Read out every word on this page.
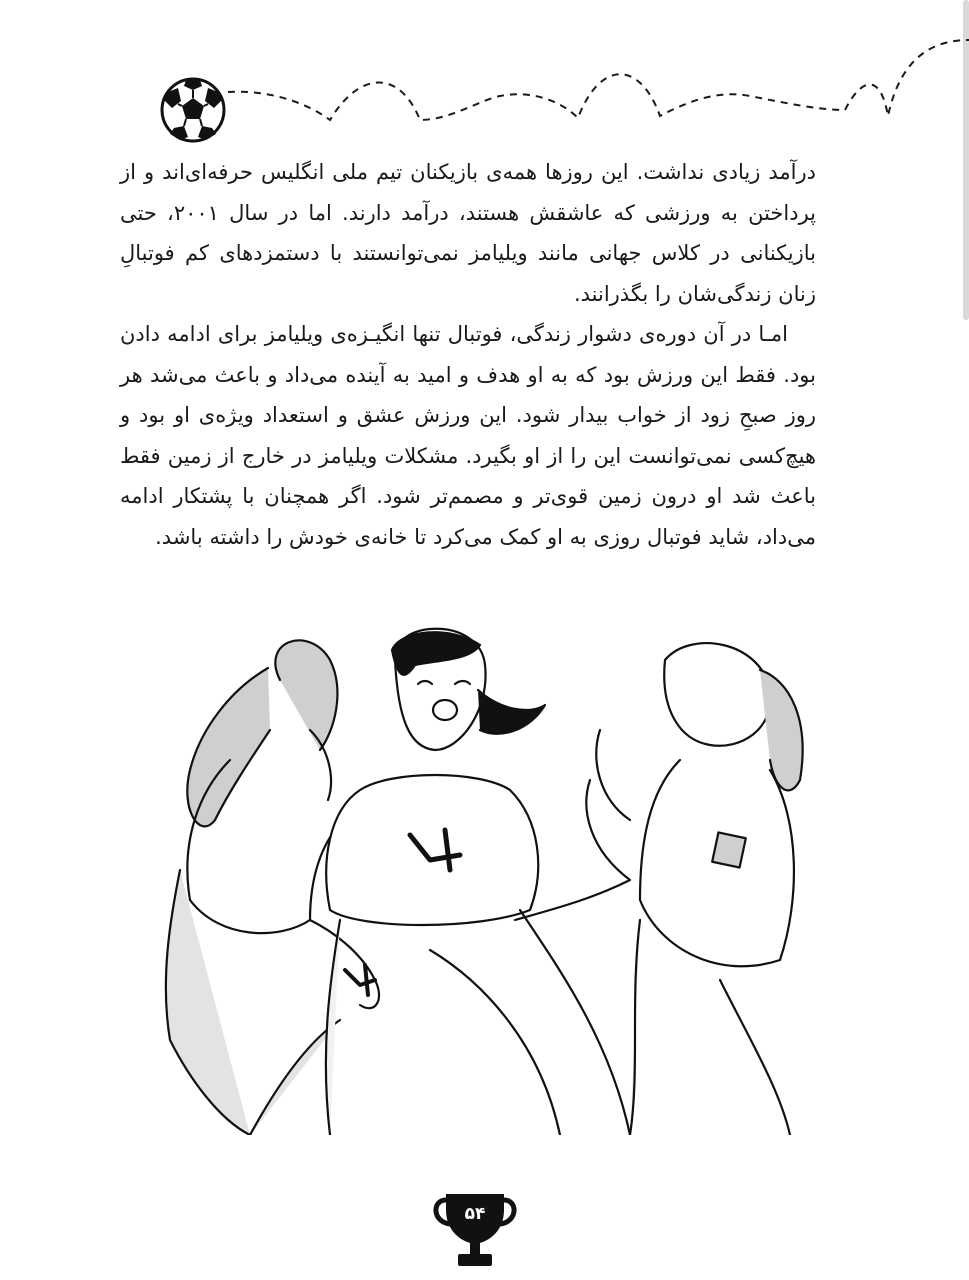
درآمد زیادی نداشت. این روزها همه‌ی بازیکنان تیم ملی انگلیس حرفه‌ای‌اند و از پرداختن به ورزشی که عاشقش هستند، درآمد دارند. اما در سال ۲۰۰۱، حتی بازیکنانی در کلاس جهانی مانند ویلیامز نمی‌توانستند با دستمزدهای کم فوتبالِ زنان زندگی‌شان را بگذرانند.

امـا در آن دوره‌ی دشوار زندگی، فوتبال تنها انگیـزه‌ی ویلیامز برای ادامه دادن بود. فقط این ورزش بود که به او هدف و امید به آینده می‌داد و باعث می‌شد هر روز صبحِ زود از خواب بیدار شود. این ورزش عشق و استعداد ویژه‌ی او بود و هیچ‌کسی نمی‌توانست این را از او بگیرد. مشکلات ویلیامز در خارج از زمین فقط باعث شد او درون زمین قوی‌تر و مصمم‌تر شود. اگر همچنان با پشتکار ادامه می‌داد، شاید فوتبال روزی به او کمک می‌کرد تا خانه‌ی خودش را داشته باشد.

۵۴
